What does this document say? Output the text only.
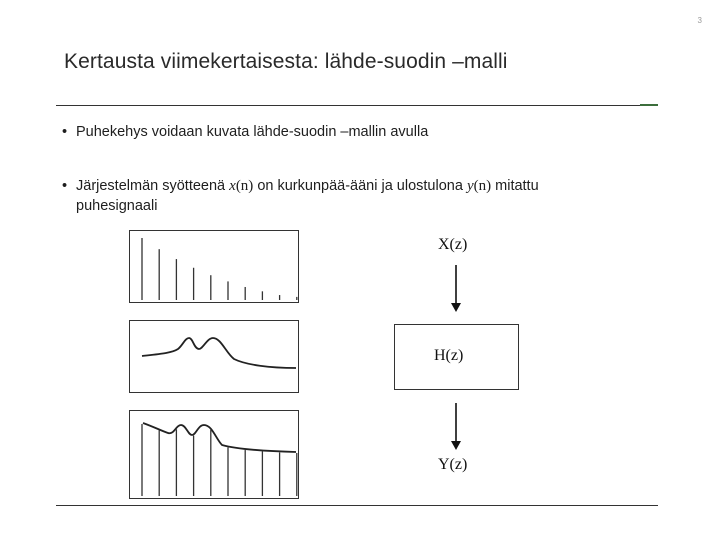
3
Kertausta viimekertaisesta: lähde-suodin –malli
• Puhekehys voidaan kuvata lähde-suodin –mallin avulla
• Järjestelmän syötteenä x(n) on kurkunpää-ääni ja ulostulona y(n) mitattu
puhesignaali
X(z)
H(z)
Y(z)
